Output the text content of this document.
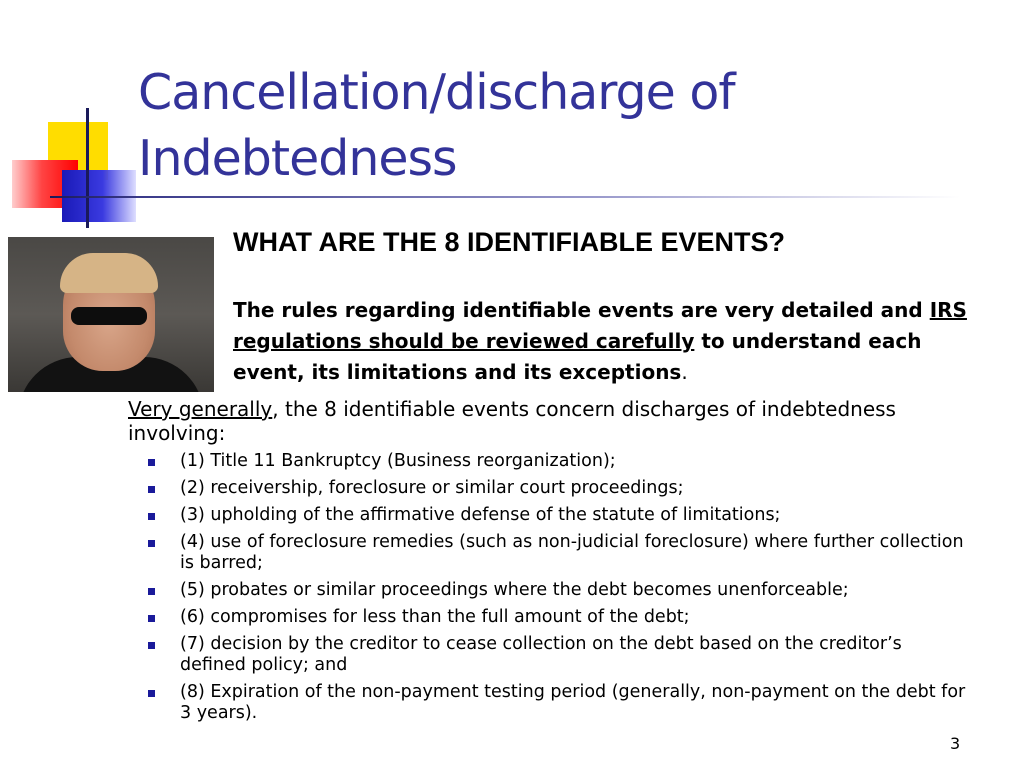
Cancellation/discharge of
Indebtedness
WHAT ARE THE 8 IDENTIFIABLE EVENTS?
The rules regarding identifiable events are very detailed and IRS regulations should be reviewed carefully to understand each event, its limitations and its exceptions.
Very generally, the 8 identifiable events concern discharges of indebtedness involving:
(1) Title 11 Bankruptcy (Business reorganization);
(2) receivership, foreclosure or similar court proceedings;
(3) upholding of the affirmative defense of the statute of limitations;
(4) use of foreclosure remedies (such as non-judicial foreclosure) where further collection is barred;
(5) probates or similar proceedings where the debt becomes unenforceable;
(6) compromises for less than the full amount of the debt;
(7) decision by the creditor to cease collection on the debt based on the creditor’s defined policy; and
(8) Expiration of the non-payment testing period (generally, non-payment on the debt for 3 years).
3
